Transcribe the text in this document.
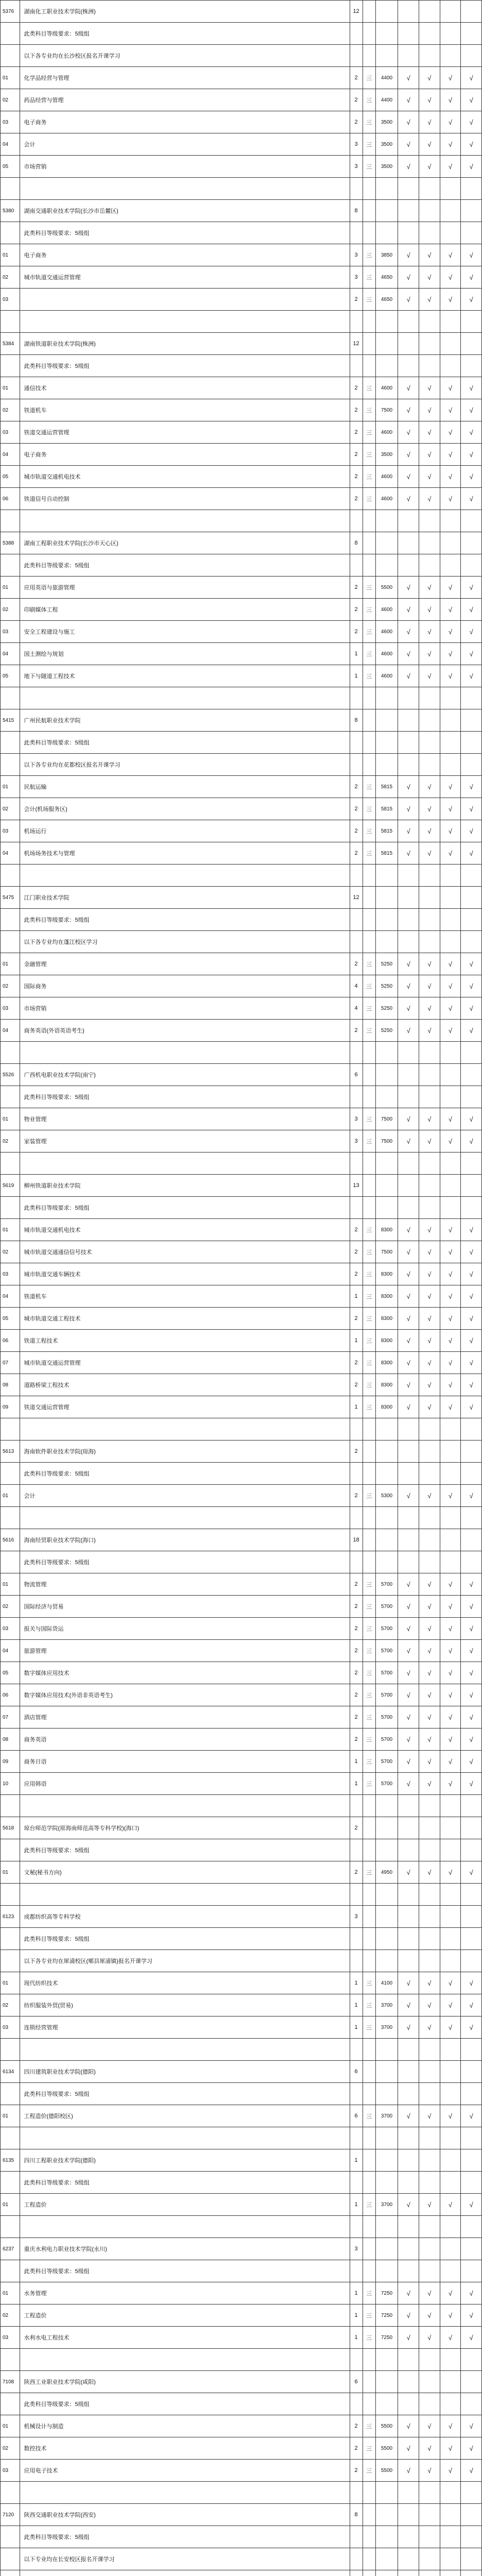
5376	湖南化工职业技术学院(株洲)	12						
	此类科目等级要求：5级组							
	以下各专业均在长沙校区报名开课学习							
01	化学品经营与管理	2	三	4400	√	√	√	√
02	药品经营与管理	2	三	4400	√	√	√	√
03	电子商务	2	三	3500	√	√	√	√
04	会计	3	三	3500	√	√	√	√
05	市场营销	3	三	3500	√	√	√	√

5380	湖南交通职业技术学院(长沙市岳麓区)	8						
	此类科目等级要求：5级组							
01	电子商务	3	三	3850	√	√	√	√
02	城市轨道交通运营管理	3	三	4650	√	√	√	√
03		2	三	4650	√	√	√	√

5384	湖南铁道职业技术学院(株洲)	12						
	此类科目等级要求：5级组							
01	通信技术	2	三	4600	√	√	√	√
02	铁道机车	2	三	7500	√	√	√	√
03	铁道交通运营管理	2	三	4600	√	√	√	√
04	电子商务	2	三	3500	√	√	√	√
05	城市轨道交通机电技术	2	三	4600	√	√	√	√
06	铁道信号自动控制	2	三	4600	√	√	√	√

5388	湖南工程职业技术学院(长沙市天心区)	8						
	此类科目等级要求：5级组							
01	应用英语与旅游管理	2	三	5500	√	√	√	√
02	印刷媒体工程	2	三	4600	√	√	√	√
03	安全工程建设与施工	2	三	4600	√	√	√	√
04	国土测绘与规划	1	三	4600	√	√	√	√
05	地下与隧道工程技术	1	三	4600	√	√	√	√

5415	广州民航职业技术学院	8						
	此类科目等级要求：5级组							
	以下各专业均在花都校区报名开课学习							
01	民航运输	2	三	5815	√	√	√	√
02	会计(机场服务区)	2	三	5815	√	√	√	√
03	机场运行	2	三	5815	√	√	√	√
04	机场场务技术与管理	2	三	5815	√	√	√	√

5475	江门职业技术学院	12						
	此类科目等级要求：5级组							
	以下各专业均在蓬江校区学习							
01	金融管理	2	三	5250	√	√	√	√
02	国际商务	4	三	5250	√	√	√	√
03	市场营销	4	三	5250	√	√	√	√
04	商务英语(外语英语考生)	2	三	5250	√	√	√	√

5526	广西机电职业技术学院(南宁)	6						
	此类科目等级要求：5级组							
01	物业管理	3	三	7500	√	√	√	√
02	家装管理	3	三	7500	√	√	√	√

5619	柳州铁道职业技术学院	13						
	此类科目等级要求：5级组							
01	城市轨道交通机电技术	2	三	8300	√	√	√	√
02	城市轨道交通通信信号技术	2	三	7500	√	√	√	√
03	城市轨道交通车辆技术	2	三	8300	√	√	√	√
04	铁道机车	1	三	8300	√	√	√	√
05	城市轨道交通工程技术	2	三	8300	√	√	√	√
06	铁道工程技术	1	三	8300	√	√	√	√
07	城市轨道交通运营管理	2	三	8300	√	√	√	√
08	道路桥梁工程技术	2	三	8300	√	√	√	√
09	铁道交通运营管理	1	三	8300	√	√	√	√

5613	海南软件职业技术学院(琼海)	2						
	此类科目等级要求：5级组							
01	会计	2	三	5300	√	√	√	√

5616	海南经贸职业技术学院(海口)	18						
	此类科目等级要求：5级组							
01	物流管理	2	三	5700	√	√	√	√
02	国际经济与贸易	2	三	5700	√	√	√	√
03	报关与国际货运	2	三	5700	√	√	√	√
04	旅游管理	2	三	5700	√	√	√	√
05	数字媒体应用技术	2	三	5700	√	√	√	√
06	数字媒体应用技术(外语非英语考生)	2	三	5700	√	√	√	√
07	酒店管理	2	三	5700	√	√	√	√
08	商务英语	2	三	5700	√	√	√	√
09	商务日语	1	三	5700	√	√	√	√
10	应用韩语	1	三	5700	√	√	√	√

5618	琼台师范学院(原海南师范高等专科学校)(海口)	2						
	此类科目等级要求：5级组							
01	文秘(秘书方向)	2	三	4950	√	√	√	√

6123	成都纺织高等专科学校	3						
	此类科目等级要求：5级组							
	以下各专业均在犀浦校区(郫县犀浦镇)报名开课学习							
01	现代纺织技术	1	三	4100	√	√	√	√
02	纺织服装外贸(贸易)	1	三	3700	√	√	√	√
03	连锁经营管理	1	三	3700	√	√	√	√

6134	四川建筑职业技术学院(德阳)	6						
	此类科目等级要求：5级组							
01	工程造价(德阳校区)	6	三	3700	√	√	√	√

6135	四川工程职业技术学院(德阳)	1						
	此类科目等级要求：5级组							
01	工程造价	1	三	3700	√	√	√	√

6237	重庆水利电力职业技术学院(永川)	3						
	此类科目等级要求：5级组							
01	水务管理	1	三	7250	√	√	√	√
02	工程造价	1	三	7250	√	√	√	√
03	水利水电工程技术	1	三	7250	√	√	√	√

7108	陕西工业职业技术学院(咸阳)	6						
	此类科目等级要求：5级组							
01	机械设计与制造	2	三	5500	√	√	√	√
02	数控技术	2	三	5500	√	√	√	√
03	应用电子技术	2	三	5500	√	√	√	√

7120	陕西交通职业技术学院(西安)	8						
	此类科目等级要求：5级组							
	以下专业均在长安校区报名开课学习							
